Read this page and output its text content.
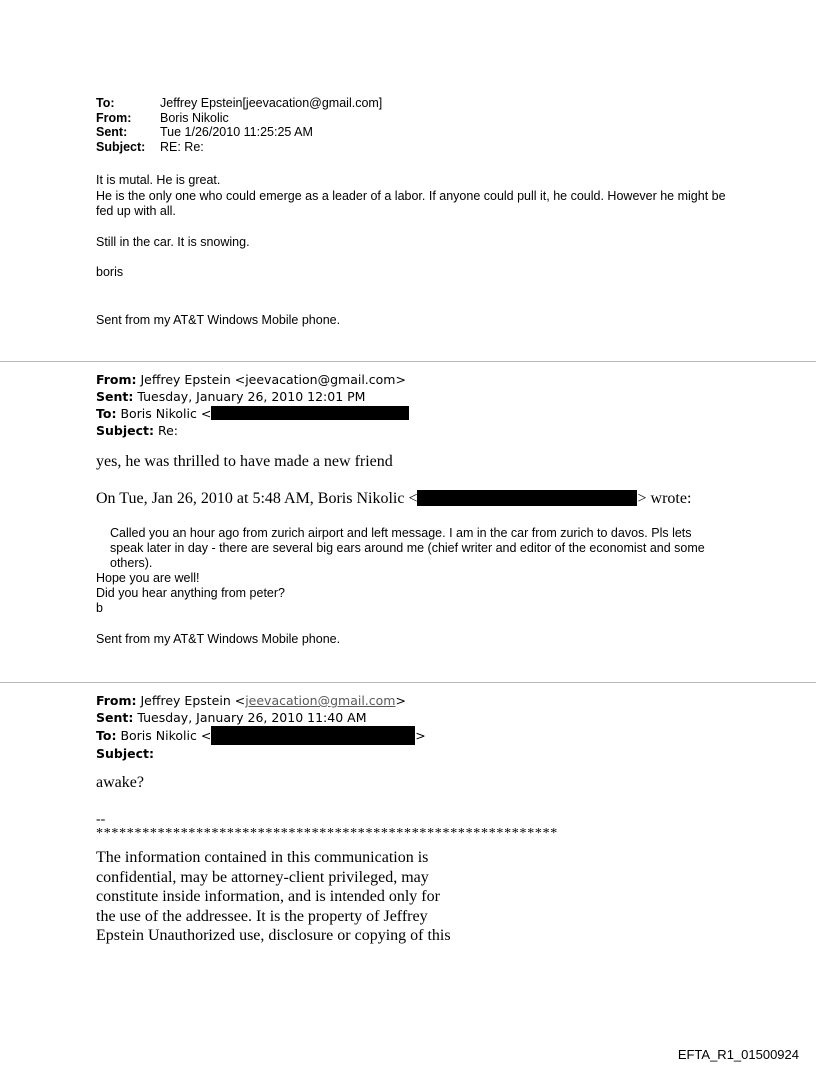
To:	Jeffrey Epstein[jeevacation@gmail.com]
From:	Boris Nikolic
Sent:	Tue 1/26/2010 11:25:25 AM
Subject:	RE: Re:
It is mutal. He is great.
He is the only one who could emerge as a leader of a labor. If anyone could pull it, he could. However he might be fed up with all.
Still in the car. It is snowing.
boris
Sent from my AT&T Windows Mobile phone.
From: Jeffrey Epstein <jeevacation@gmail.com>
Sent: Tuesday, January 26, 2010 12:01 PM
To: Boris Nikolic <
Subject: Re:
yes, he was thrilled to have made a new friend
On Tue, Jan 26, 2010 at 5:48 AM, Boris Nikolic <	> wrote:
Called you an hour ago from zurich airport and left message. I am in the car from zurich to davos. Pls lets speak later in day - there are several big ears around me (chief writer and editor of the economist and some others).
Hope you are well!
Did you hear anything from peter?
b
Sent from my AT&T Windows Mobile phone.
From: Jeffrey Epstein <jeevacation@gmail.com>
Sent: Tuesday, January 26, 2010 11:40 AM
To: Boris Nikolic <	>
Subject:
awake?
--
************************************************************
The information contained in this communication is confidential, may be attorney-client privileged, may constitute inside information, and is intended only for the use of the addressee. It is the property of Jeffrey Epstein Unauthorized use, disclosure or copying of this
EFTA_R1_01500924
